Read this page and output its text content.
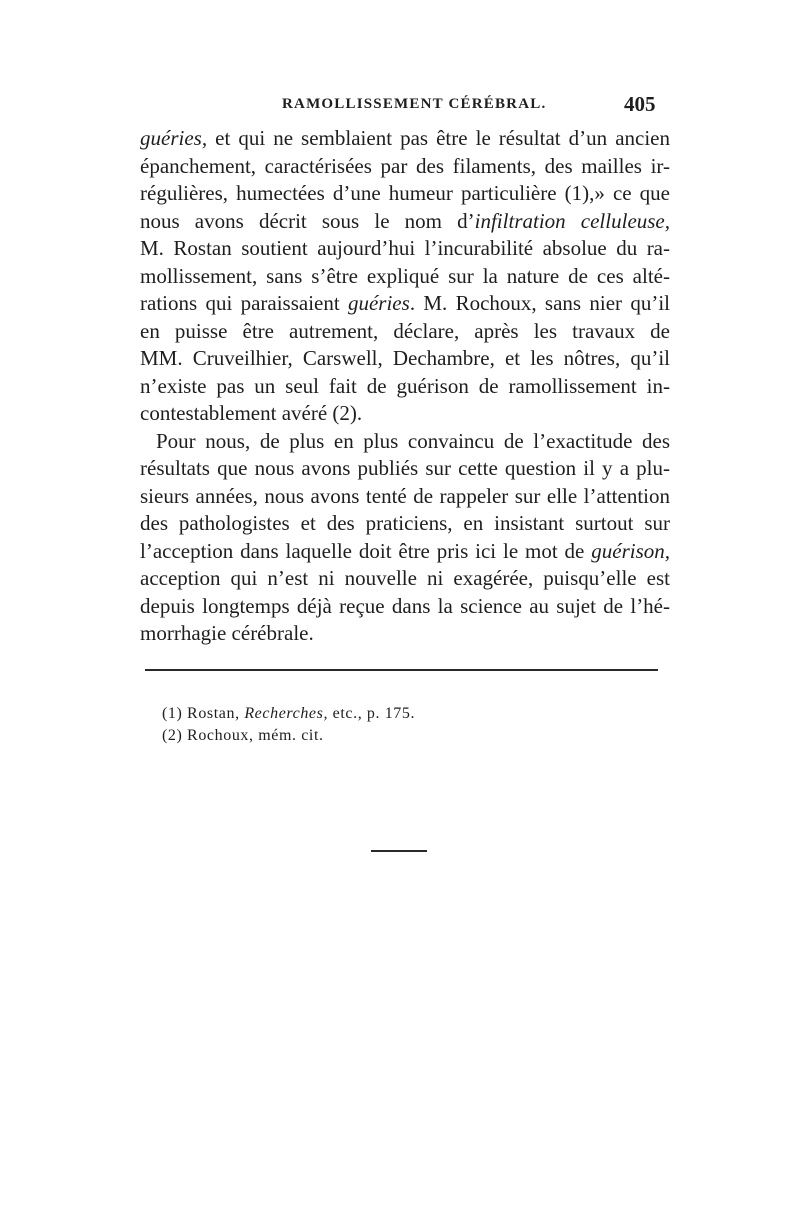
RAMOLLISSEMENT CÉRÉBRAL.	405
guéries, et qui ne semblaient pas être le résultat d’un ancien
épanchement, caractérisées par des filaments, des mailles ir-
régulières, humectées d’une humeur particulière (1),» ce que
nous avons décrit sous le nom d’infiltration celluleuse,
M. Rostan soutient aujourd’hui l’incurabilité absolue du ra-
mollissement, sans s’être expliqué sur la nature de ces alté-
rations qui paraissaient guéries. M. Rochoux, sans nier qu’il
en puisse être autrement, déclare, après les travaux de
MM. Cruveilhier, Carswell, Dechambre, et les nôtres, qu’il
n’existe pas un seul fait de guérison de ramollissement in-
contestablement avéré (2).
Pour nous, de plus en plus convaincu de l’exactitude des
résultats que nous avons publiés sur cette question il y a plu-
sieurs années, nous avons tenté de rappeler sur elle l’attention
des pathologistes et des praticiens, en insistant surtout sur
l’acception dans laquelle doit être pris ici le mot de guérison,
acception qui n’est ni nouvelle ni exagérée, puisqu’elle est
depuis longtemps déjà reçue dans la science au sujet de l’hé-
morrhagie cérébrale.
(1) Rostan, Recherches, etc., p. 175.
(2) Rochoux, mém. cit.
